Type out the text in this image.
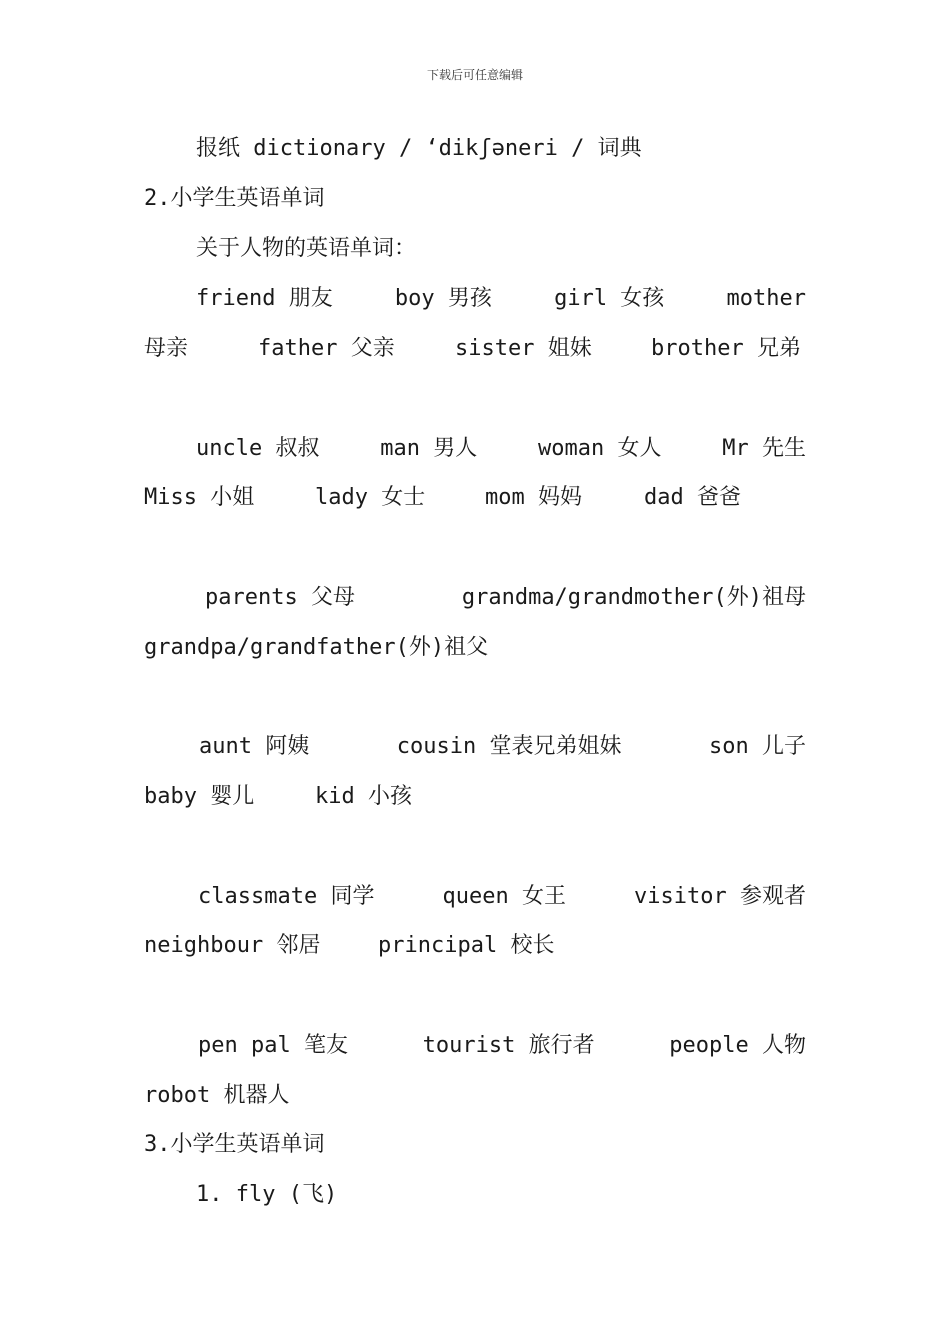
下载后可任意编辑
报纸 dictionary / ‘dikʃəneri / 词典
2.小学生英语单词
关于人物的英语单词：
friend 朋友	boy 男孩	girl 女孩	mother
母亲	father 父亲	sister 姐妹	brother 兄弟
uncle 叔叔	man 男人	woman 女人	Mr 先生
Miss 小姐	lady 女士	mom 妈妈	dad 爸爸
parents 父母	grandma/grandmother(外)祖母
grandpa/grandfather(外)祖父
aunt 阿姨	cousin 堂表兄弟姐妹	son 儿子
baby 婴儿	kid 小孩
classmate 同学	queen 女王	visitor 参观者
neighbour 邻居	principal 校长
pen pal 笔友	tourist 旅行者	people 人物
robot 机器人
3.小学生英语单词
1. fly (飞)
